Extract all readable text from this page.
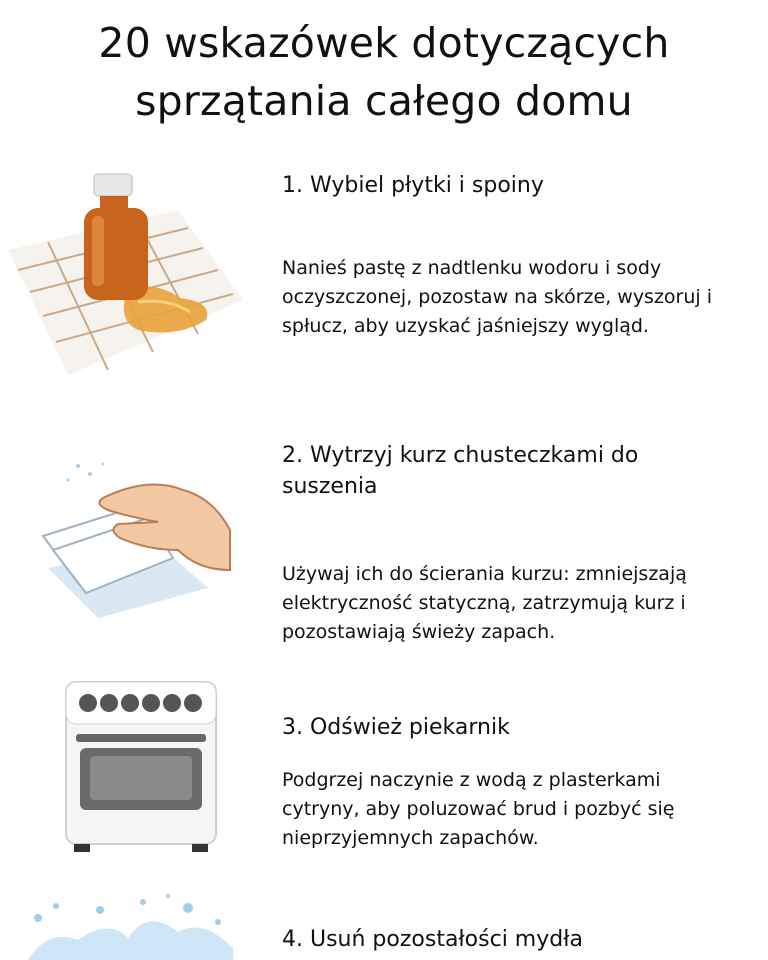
20 wskazówek dotyczących
sprzątania całego domu
1. Wybiel płytki i spoiny
Nanieś pastę z nadtlenku wodoru i sody oczyszczonej, pozostaw na skórze, wyszoruj i spłucz, aby uzyskać jaśniejszy wygląd.
2. Wytrzyj kurz chusteczkami do
suszenia
Używaj ich do ścierania kurzu: zmniejszają elektryczność statyczną, zatrzymują kurz i pozostawiają świeży zapach.
3. Odśwież piekarnik
Podgrzej naczynie z wodą z plasterkami cytryny, aby poluzować brud i pozbyć się nieprzyjemnych zapachów.
4. Usuń pozostałości mydła
